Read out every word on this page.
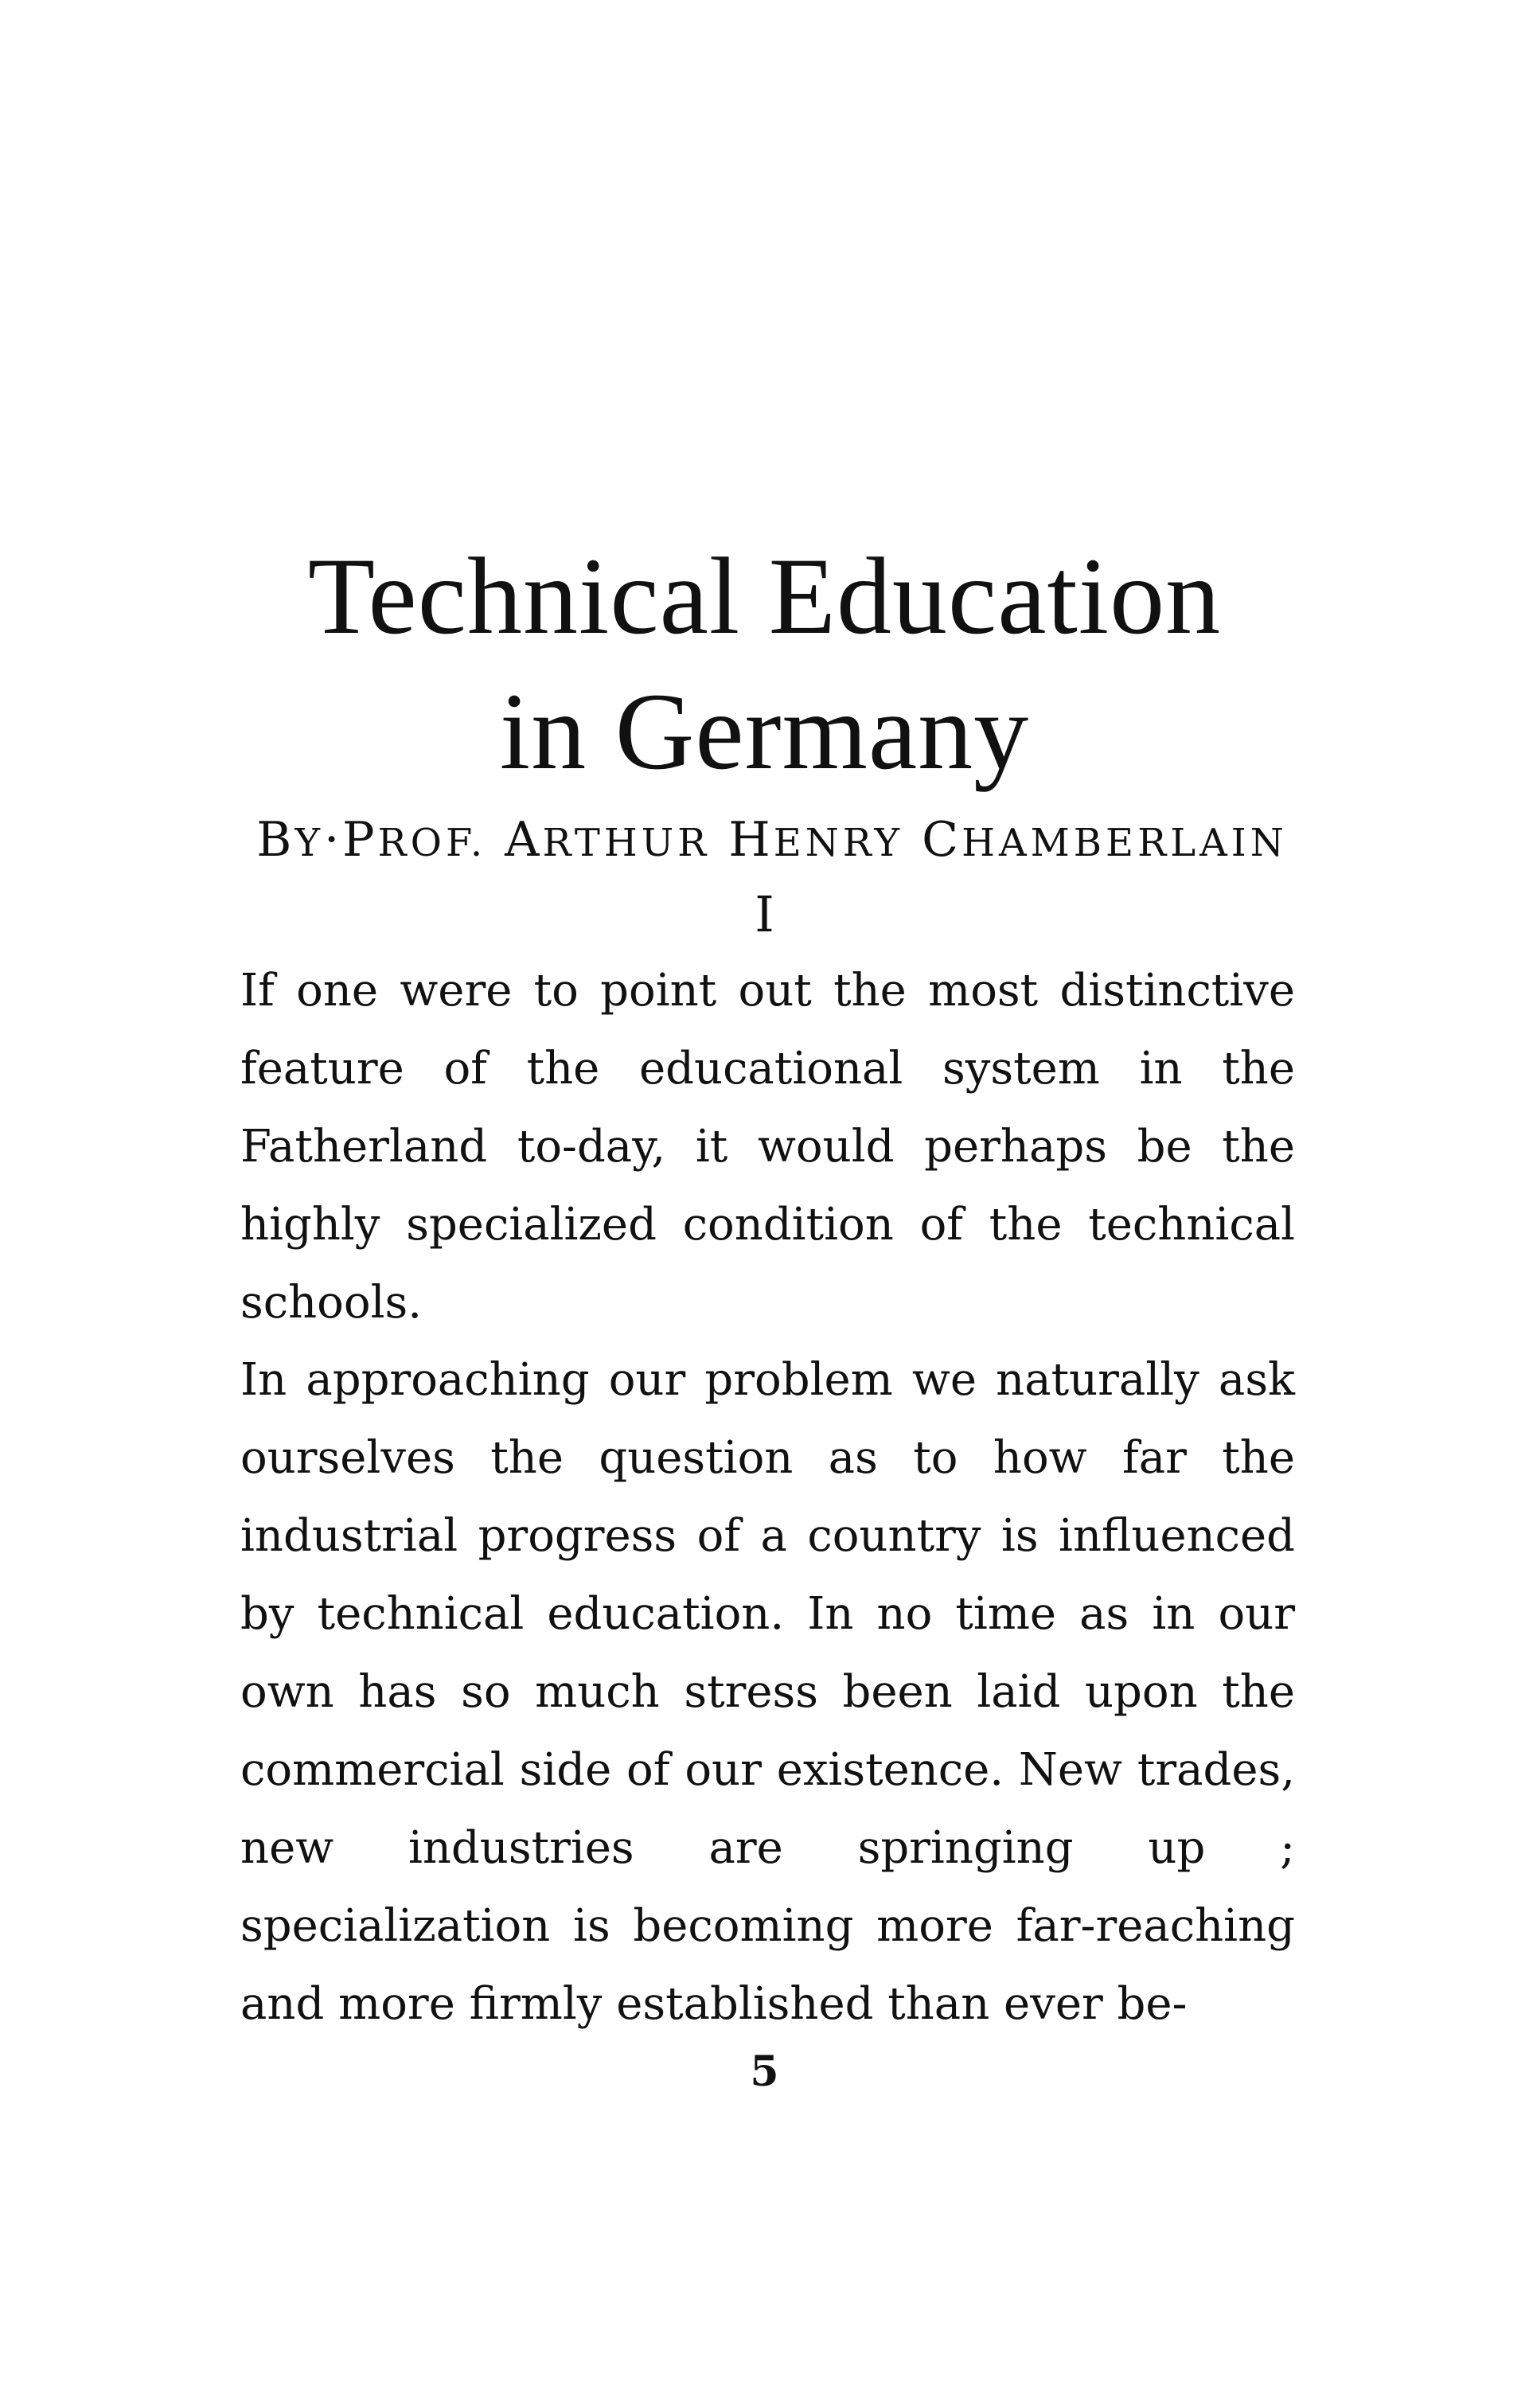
Technical Education
in Germany
BY·PROF. ARTHUR HENRY CHAMBERLAIN
I

If one were to point out the most distinctive feature of the educational system in the Fatherland to-day, it would perhaps be the highly specialized condition of the technical schools.

In approaching our problem we naturally ask ourselves the question as to how far the industrial progress of a country is influenced by technical education. In no time as in our own has so much stress been laid upon the commercial side of our existence. New trades, new industries are springing up ; specialization is becoming more far-reaching and more firmly established than ever be-

5
